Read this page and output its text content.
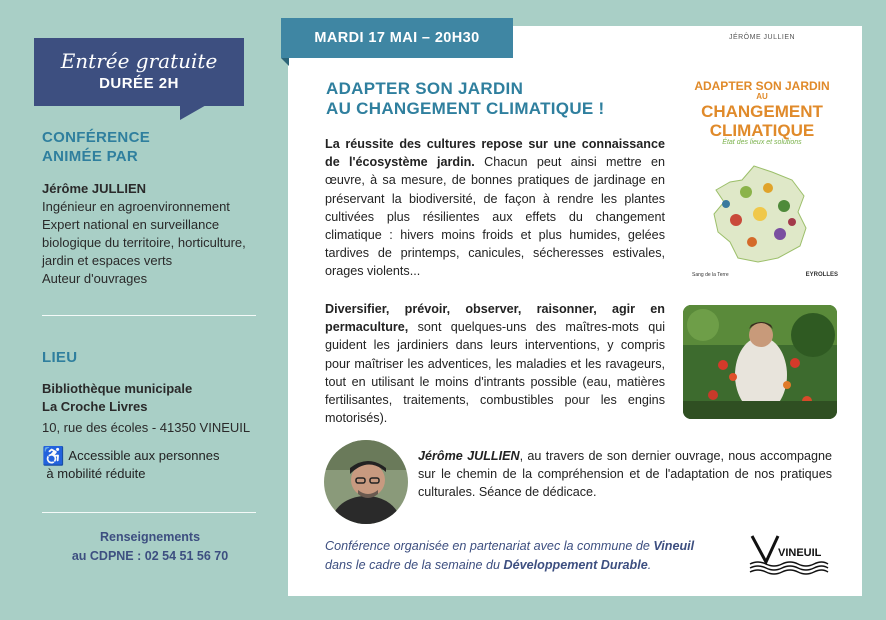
Entrée gratuite
DURÉE 2H
CONFÉRENCE
ANIMÉE PAR
Jérôme JULLIEN
Ingénieur en agroenvironnement
Expert national en surveillance
biologique du territoire, horticulture,
jardin et espaces verts
Auteur d'ouvrages
LIEU
Bibliothèque municipale
La Croche Livres
10, rue des écoles - 41350 VINEUIL
♿ Accessible aux personnes
à mobilité réduite
Renseignements
au CDPNE : 02 54 51 56 70
MARDI 17 MAI – 20H30
ADAPTER SON JARDIN
AU CHANGEMENT CLIMATIQUE !
La réussite des cultures repose sur une connaissance de l'écosystème jardin. Chacun peut ainsi mettre en œuvre, à sa mesure, de bonnes pratiques de jardinage en préservant la biodiversité, de façon à rendre les plantes cultivées plus résilientes aux effets du changement climatique : hivers moins froids et plus humides, gelées tardives de printemps, canicules, sécheresses estivales, orages violents...
Diversifier, prévoir, observer, raisonner, agir en permaculture, sont quelques-uns des maîtres-mots qui guident les jardiniers dans leurs interventions, y compris pour maîtriser les adventices, les maladies et les ravageurs, tout en utilisant le moins d'intrants possible (eau, matières fertilisantes, traitements, combustibles pour les engins motorisés).
Jérôme JULLIEN, au travers de son dernier ouvrage, nous accompagne sur le chemin de la compréhension et de l'adaptation de nos pratiques culturales. Séance de dédicace.
Conférence organisée en partenariat avec la commune de Vineuil
dans le cadre de la semaine du Développement Durable.
JÉRÔME JULLIEN
ADAPTER SON JARDIN
AU
CHANGEMENT
CLIMATIQUE
État des lieux et solutions
Sang de la Terre	EYROLLES
VINEUIL
